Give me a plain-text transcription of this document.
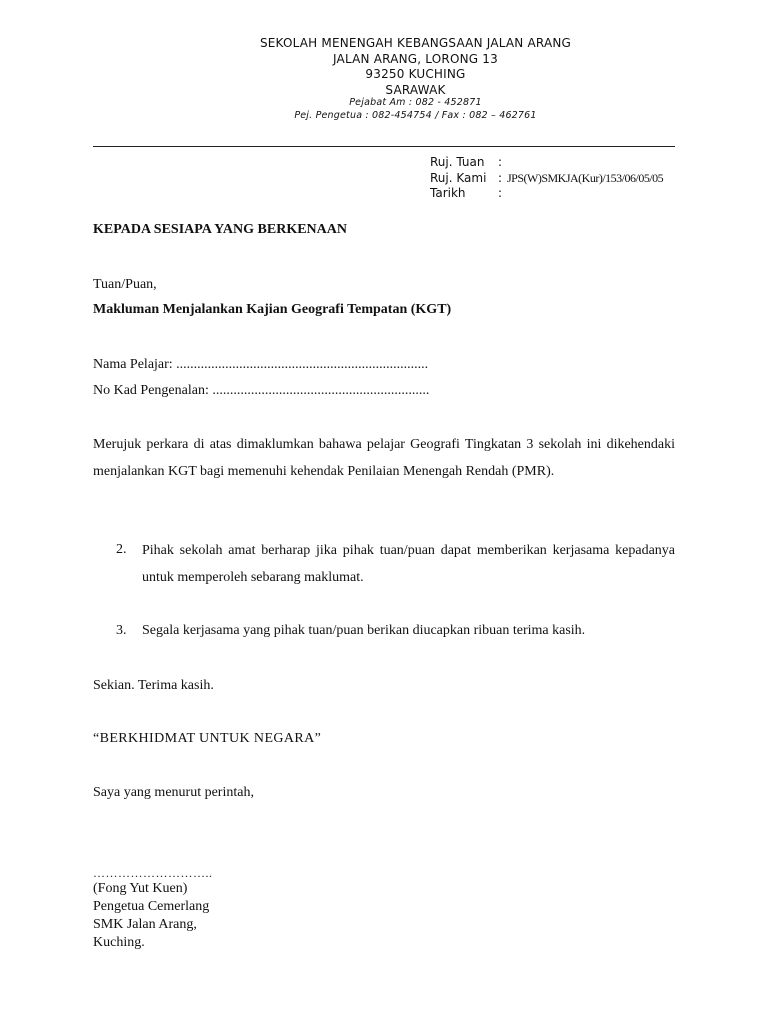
SEKOLAH MENENGAH KEBANGSAAN JALAN ARANG
JALAN ARANG, LORONG 13
93250 KUCHING
SARAWAK
Pejabat Am : 082 - 452871
Pej. Pengetua : 082-454754 / Fax : 082 – 462761
Ruj. Tuan :
Ruj. Kami : JPS(W)SMKJA(Kur)/153/06/05/05
Tarikh	:
KEPADA SESIAPA YANG BERKENAAN
Tuan/Puan,
Makluman Menjalankan Kajian Geografi Tempatan (KGT)
Nama Pelajar: ........................................................................
No Kad Pengenalan: ..............................................................
Merujuk perkara di atas dimaklumkan bahawa pelajar Geografi Tingkatan 3 sekolah ini dikehendaki menjalankan KGT bagi memenuhi kehendak Penilaian Menengah Rendah (PMR).
2. Pihak sekolah amat berharap jika pihak tuan/puan dapat memberikan kerjasama kepadanya untuk memperoleh sebarang maklumat.
3. Segala kerjasama yang pihak tuan/puan berikan diucapkan ribuan terima kasih.
Sekian. Terima kasih.
“BERKHIDMAT UNTUK NEGARA”
Saya yang menurut perintah,
………………………..
(Fong Yut Kuen)
Pengetua Cemerlang
SMK Jalan Arang,
Kuching.
